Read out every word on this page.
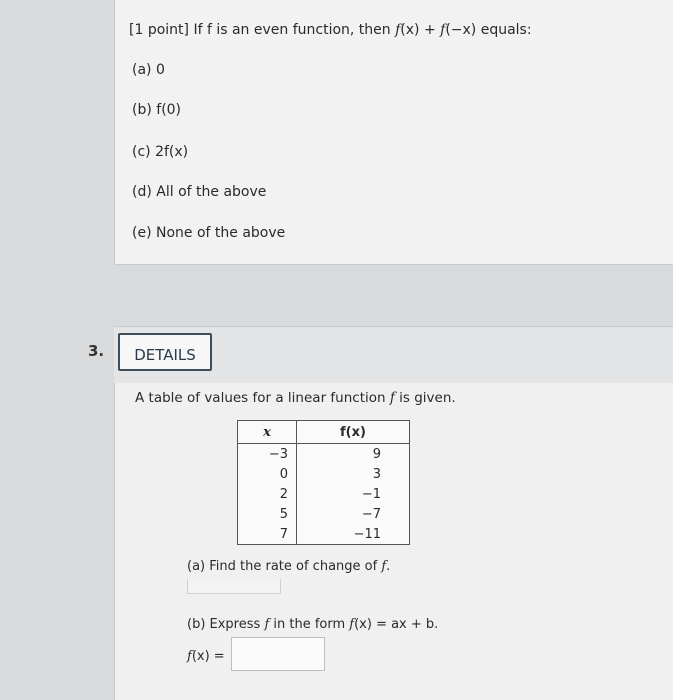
[1 point] If f is an even function, then f(x) + f(−x) equals:
(a) 0
(b) f(0)
(c) 2f(x)
(d) All of the above
(e) None of the above
3.	DETAILS
A table of values for a linear function f is given.
x	f(x)
−3	9
0	3
2	−1
5	−7
7	−11
(a) Find the rate of change of f.
(b) Express f in the form f(x) = ax + b.
f(x) =
